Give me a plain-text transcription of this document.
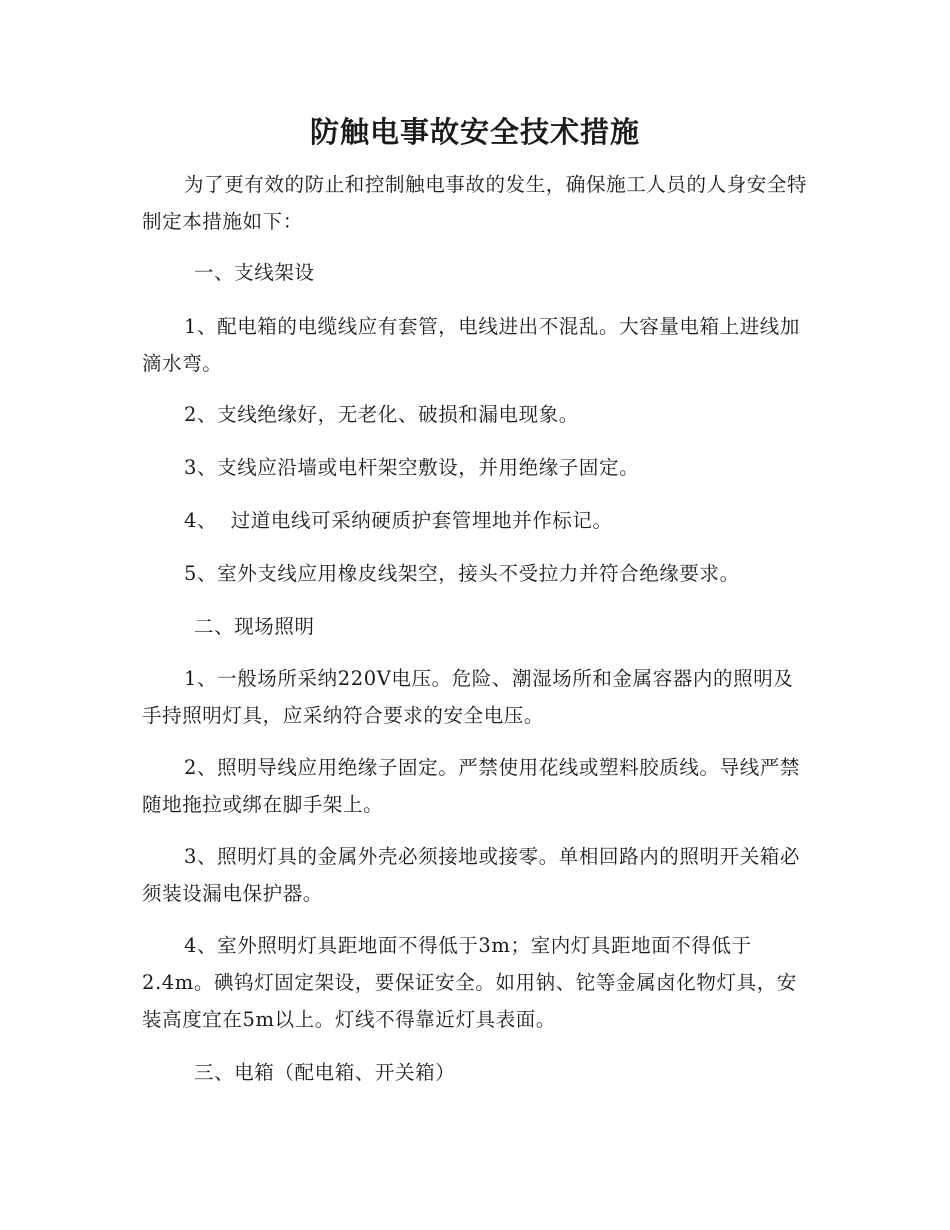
防触电事故安全技术措施
为了更有效的防止和控制触电事故的发生，确保施工人员的人身安全特制定本措施如下：
一、支线架设
1、配电箱的电缆线应有套管，电线进出不混乱。大容量电箱上进线加滴水弯。
2、支线绝缘好，无老化、破损和漏电现象。
3、支线应沿墙或电杆架空敷设，并用绝缘子固定。
4、  过道电线可采纳硬质护套管埋地并作标记。
5、室外支线应用橡皮线架空，接头不受拉力并符合绝缘要求。
二、现场照明
1、一般场所采纳220V电压。危险、潮湿场所和金属容器内的照明及手持照明灯具，应采纳符合要求的安全电压。
2、照明导线应用绝缘子固定。严禁使用花线或塑料胶质线。导线严禁随地拖拉或绑在脚手架上。
3、照明灯具的金属外壳必须接地或接零。单相回路内的照明开关箱必须装设漏电保护器。
4、室外照明灯具距地面不得低于3m；室内灯具距地面不得低于2.4m。碘钨灯固定架设，要保证安全。如用钠、铊等金属卤化物灯具，安装高度宜在5m以上。灯线不得靠近灯具表面。
三、电箱（配电箱、开关箱）
